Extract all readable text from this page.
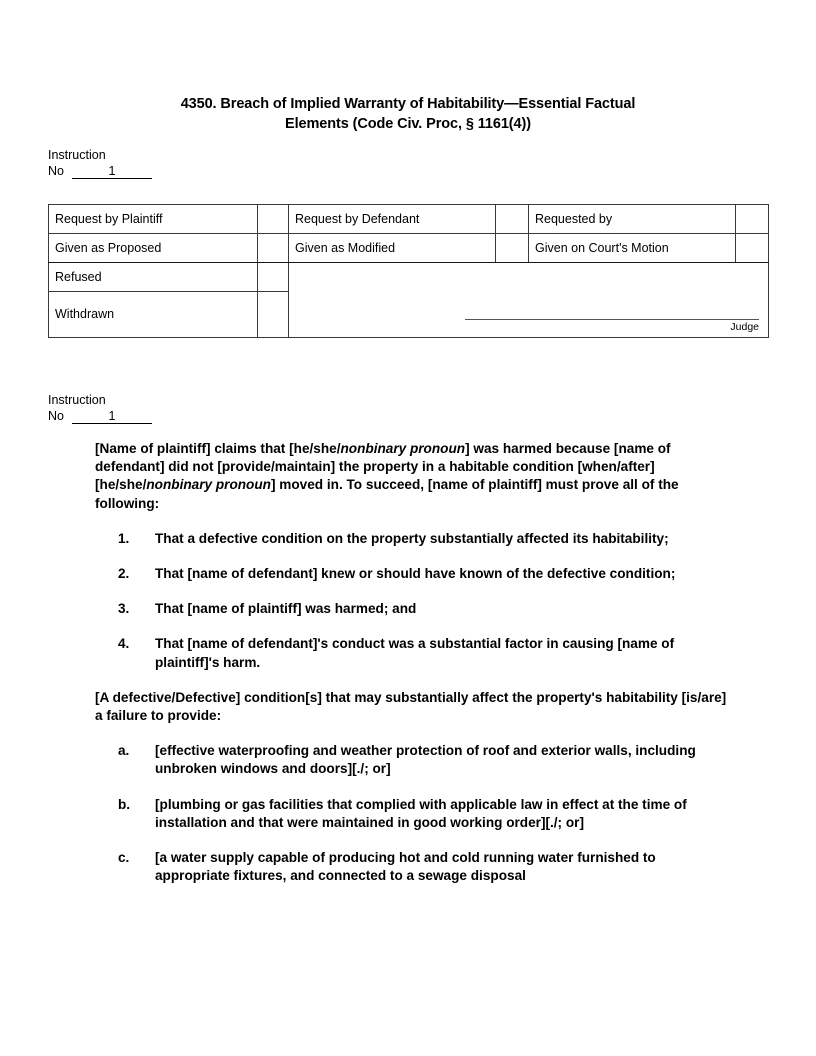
4350. Breach of Implied Warranty of Habitability—Essential Factual
Elements (Code Civ. Proc, § 1161(4))
Instruction
No	1
Request by Plaintiff		Request by Defendant		Requested by	
Given as Proposed		Given as Modified		Given on Court's Motion	
Refused		Judge			

Withdrawn					
Instruction
No	1

[Name of plaintiff] claims that [he/she/nonbinary pronoun] was harmed because [name of defendant] did not [provide/maintain] the property in a habitable condition [when/after] [he/she/nonbinary pronoun] moved in. To succeed, [name of plaintiff] must prove all of the following:

1. That a defective condition on the property substantially affected its habitability;
2. That [name of defendant] knew or should have known of the defective condition;
3. That [name of plaintiff] was harmed; and
4. That [name of defendant]'s conduct was a substantial factor in causing [name of plaintiff]'s harm.

[A defective/Defective] condition[s] that may substantially affect the property's habitability [is/are] a failure to provide:

a. [effective waterproofing and weather protection of roof and exterior walls, including unbroken windows and doors][./; or]
b. [plumbing or gas facilities that complied with applicable law in effect at the time of installation and that were maintained in good working order][./; or]
c. [a water supply capable of producing hot and cold running water furnished to appropriate fixtures, and connected to a sewage disposal
